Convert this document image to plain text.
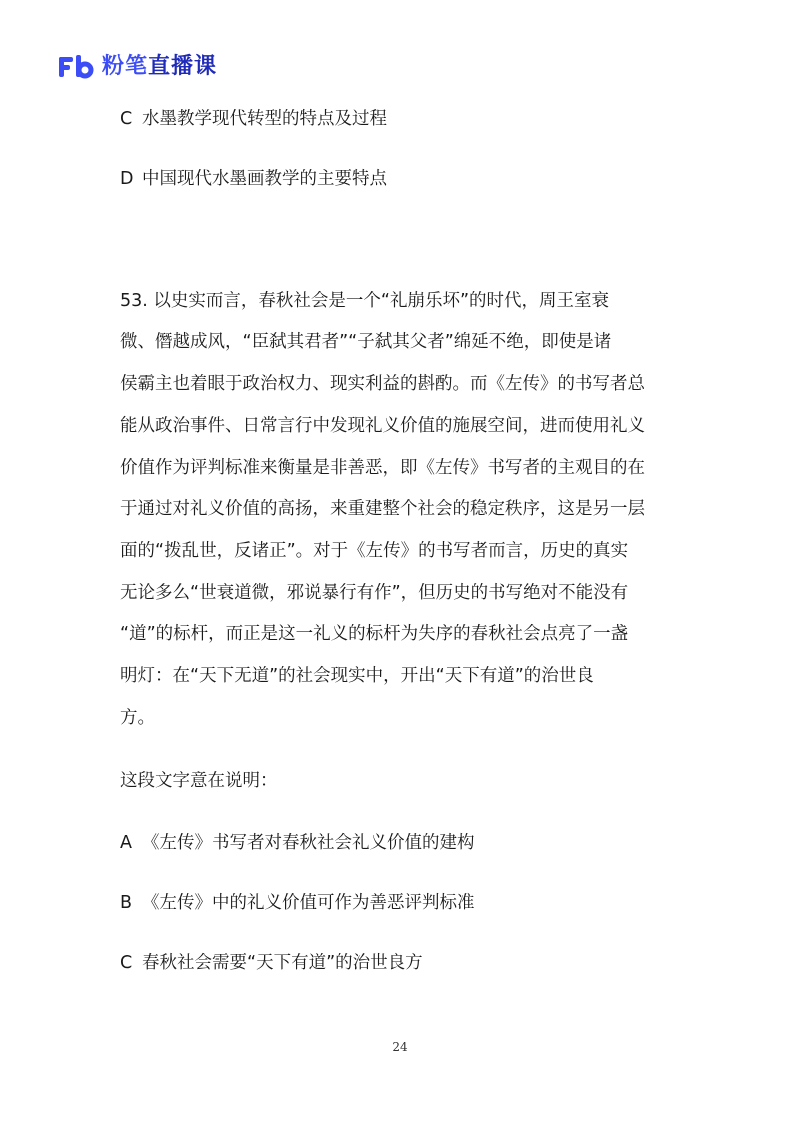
粉笔直播课
C 水墨教学现代转型的特点及过程
D 中国现代水墨画教学的主要特点
53. 以史实而言，春秋社会是一个“礼崩乐坏”的时代，周王室衰
微、僭越成风，“臣弑其君者”“子弑其父者”绵延不绝，即使是诸
侯霸主也着眼于政治权力、现实利益的斟酌。而《左传》的书写者总
能从政治事件、日常言行中发现礼义价值的施展空间，进而使用礼义
价值作为评判标准来衡量是非善恶，即《左传》书写者的主观目的在
于通过对礼义价值的高扬，来重建整个社会的稳定秩序，这是另一层
面的“拨乱世，反诸正”。对于《左传》的书写者而言，历史的真实
无论多么“世衰道微，邪说暴行有作”，但历史的书写绝对不能没有
“道”的标杆，而正是这一礼义的标杆为失序的春秋社会点亮了一盏
明灯：在“天下无道”的社会现实中，开出“天下有道”的治世良
方。
这段文字意在说明：
A 《左传》书写者对春秋社会礼义价值的建构
B 《左传》中的礼义价值可作为善恶评判标准
C 春秋社会需要“天下有道”的治世良方
24
